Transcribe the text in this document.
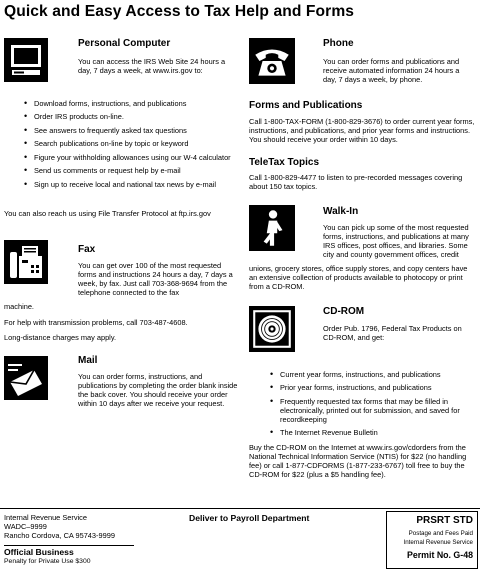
Quick and Easy Access to Tax Help and Forms
Personal Computer
You can access the IRS Web Site 24 hours a day, 7 days a week, at www.irs.gov to:
• Download forms, instructions, and publications
• Order IRS products on-line.
• See answers to frequently asked tax questions
• Search publications on-line by topic or keyword
• Figure your withholding allowances using our W-4 calculator
• Send us comments or request help by e-mail
• Sign up to receive local and national tax news by e-mail
You can also reach us using File Transfer Protocol at ftp.irs.gov
Fax
You can get over 100 of the most requested forms and instructions 24 hours a day, 7 days a week, by fax. Just call 703-368-9694 from the telephone connected to the fax
machine.
For help with transmission problems, call 703-487-4608.
Long-distance charges may apply.
Mail
You can order forms, instructions, and publications by completing the order blank inside the back cover. You should receive your order within 10 days after we receive your request.
Phone
You can order forms and publications and receive automated information 24 hours a day, 7 days a week, by phone.
Forms and Publications
Call 1-800-TAX-FORM (1-800-829-3676) to order current year forms, instructions, and publications, and prior year forms and instructions. You should receive your order within 10 days.
TeleTax Topics
Call 1-800-829-4477 to listen to pre-recorded messages covering about 150 tax topics.
Walk-In
You can pick up some of the most requested forms, instructions, and publications at many IRS offices, post offices, and libraries. Some city and county government offices, credit
unions, grocery stores, office supply stores, and copy centers have an extensive collection of products available to photocopy or print from a CD-ROM.
CD-ROM
Order Pub. 1796, Federal Tax Products on CD-ROM, and get:
• Current year forms, instructions, and publications
• Prior year forms, instructions, and publications
• Frequently requested tax forms that may be filled in electronically, printed out for submission, and saved for recordkeeping
• The Internet Revenue Bulletin
Buy the CD-ROM on the Internet at www.irs.gov/cdorders from the National Technical Information Service (NTIS) for $22 (no handling fee) or call 1-877-CDFORMS (1-877-233-6767) toll free to buy the CD-ROM for $22 (plus a $5 handling fee).
Internal Revenue Service
WADC–9999
Rancho Cordova, CA 95743-9999
Official Business
Penalty for Private Use $300
Deliver to Payroll Department	PRSRT STD
Postage and Fees Paid
Internal Revenue Service
Permit No. G-48
